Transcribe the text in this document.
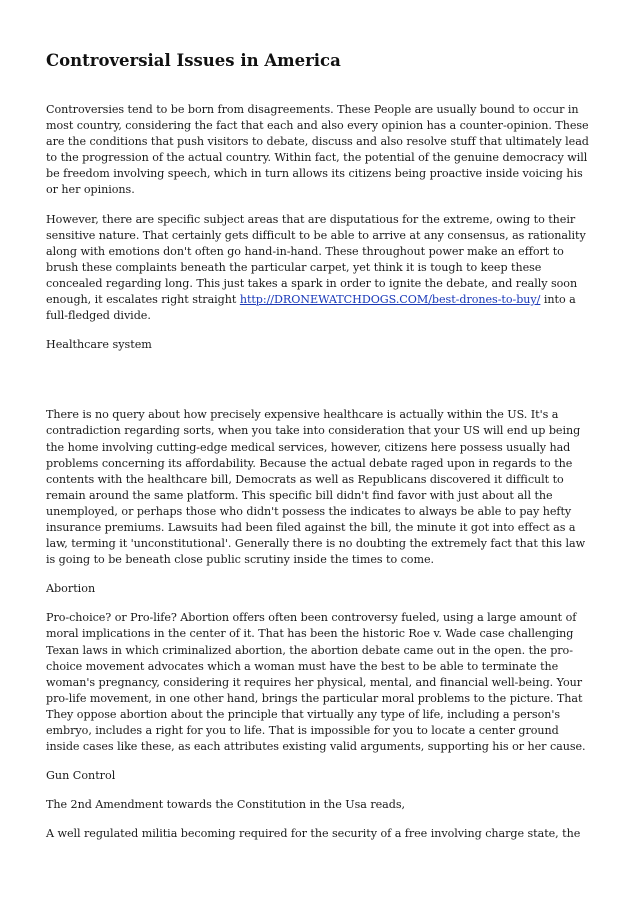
Controversial Issues in America

Controversies tend to be born from disagreements. These People are usually bound to occur in most country, considering the fact that each and also every opinion has a counter-opinion. These are the conditions that push visitors to debate, discuss and also resolve stuff that ultimately lead to the progression of the actual country. Within fact, the potential of the genuine democracy will be freedom involving speech, which in turn allows its citizens being proactive inside voicing his or her opinions.

However, there are specific subject areas that are disputatious for the extreme, owing to their sensitive nature. That certainly gets difficult to be able to arrive at any consensus, as rationality along with emotions don't often go hand-in-hand. These throughout power make an effort to brush these complaints beneath the particular carpet, yet think it is tough to keep these concealed regarding long. This just takes a spark in order to ignite the debate, and really soon enough, it escalates right straight http://DRONEWATCHDOGS.COM/best-drones-to-buy/ into a full-fledged divide.

Healthcare system

There is no query about how precisely expensive healthcare is actually within the US. It's a contradiction regarding sorts, when you take into consideration that your US will end up being the home involving cutting-edge medical services, however, citizens here possess usually had problems concerning its affordability. Because the actual debate raged upon in regards to the contents with the healthcare bill, Democrats as well as Republicans discovered it difficult to remain around the same platform. This specific bill didn't find favor with just about all the unemployed, or perhaps those who didn't possess the indicates to always be able to pay hefty insurance premiums. Lawsuits had been filed against the bill, the minute it got into effect as a law, terming it 'unconstitutional'. Generally there is no doubting the extremely fact that this law is going to be beneath close public scrutiny inside the times to come.

Abortion

Pro-choice? or Pro-life? Abortion offers often been controversy fueled, using a large amount of moral implications in the center of it. That has been the historic Roe v. Wade case challenging Texan laws in which criminalized abortion, the abortion debate came out in the open. the pro-choice movement advocates which a woman must have the best to be able to terminate the woman's pregnancy, considering it requires her physical, mental, and financial well-being. Your pro-life movement, in one other hand, brings the particular moral problems to the picture. That They oppose abortion about the principle that virtually any type of life, including a person's embryo, includes a right for you to life. That is impossible for you to locate a center ground inside cases like these, as each attributes existing valid arguments, supporting his or her cause.

Gun Control

The 2nd Amendment towards the Constitution in the Usa reads,

A well regulated militia becoming required for the security of a free involving charge state, the
